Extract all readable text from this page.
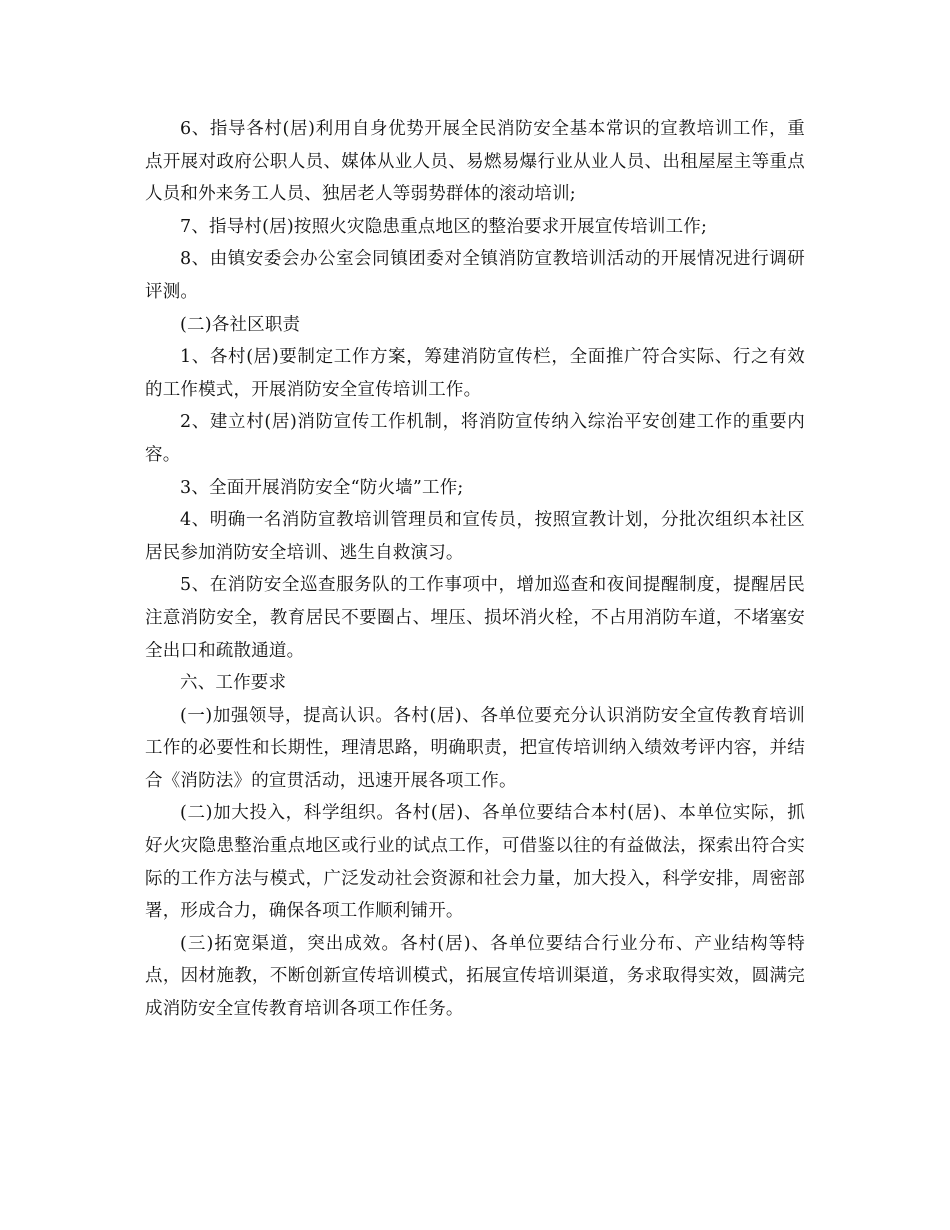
6、指导各村(居)利用自身优势开展全民消防安全基本常识的宣教培训工作，重点开展对政府公职人员、媒体从业人员、易燃易爆行业从业人员、出租屋屋主等重点人员和外来务工人员、独居老人等弱势群体的滚动培训;

7、指导村(居)按照火灾隐患重点地区的整治要求开展宣传培训工作;

8、由镇安委会办公室会同镇团委对全镇消防宣教培训活动的开展情况进行调研评测。

(二)各社区职责

1、各村(居)要制定工作方案，筹建消防宣传栏，全面推广符合实际、行之有效的工作模式，开展消防安全宣传培训工作。

2、建立村(居)消防宣传工作机制，将消防宣传纳入综治平安创建工作的重要内容。

3、全面开展消防安全“防火墙”工作;

4、明确一名消防宣教培训管理员和宣传员，按照宣教计划，分批次组织本社区居民参加消防安全培训、逃生自救演习。

5、在消防安全巡查服务队的工作事项中，增加巡查和夜间提醒制度，提醒居民注意消防安全，教育居民不要圈占、埋压、损坏消火栓，不占用消防车道，不堵塞安全出口和疏散通道。

六、工作要求

(一)加强领导，提高认识。各村(居)、各单位要充分认识消防安全宣传教育培训工作的必要性和长期性，理清思路，明确职责，把宣传培训纳入绩效考评内容，并结合《消防法》的宣贯活动，迅速开展各项工作。

(二)加大投入，科学组织。各村(居)、各单位要结合本村(居)、本单位实际，抓好火灾隐患整治重点地区或行业的试点工作，可借鉴以往的有益做法，探索出符合实际的工作方法与模式，广泛发动社会资源和社会力量，加大投入，科学安排，周密部署，形成合力，确保各项工作顺利铺开。

(三)拓宽渠道，突出成效。各村(居)、各单位要结合行业分布、产业结构等特点，因材施教，不断创新宣传培训模式，拓展宣传培训渠道，务求取得实效，圆满完成消防安全宣传教育培训各项工作任务。
